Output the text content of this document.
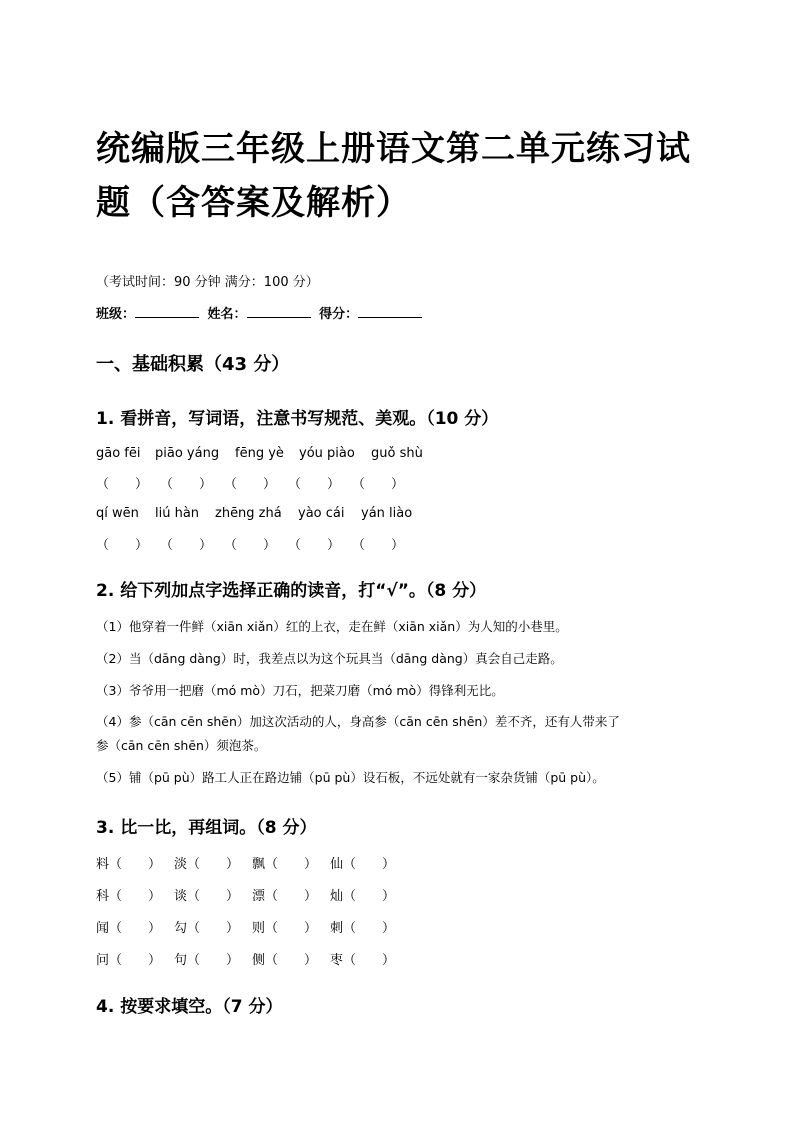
统编版三年级上册语文第二单元练习试
题（含答案及解析）
（考试时间：90 分钟 满分：100 分）
班级：	姓名：	得分：
一、基础积累（43 分）
1. 看拼音，写词语，注意书写规范、美观。（10 分）
gāo fēi	piāo yáng	fēng yè	yóu piào	guǒ shù
（　　） （　　） （　　） （　　） （　　）
qí wēn	liú hàn	zhēng zhá	yào cái	yán liào
（　　） （　　） （　　） （　　） （　　）
2. 给下列加点字选择正确的读音，打“√”。（8 分）
（1）他穿着一件鲜（xiān xiǎn）红的上衣，走在鲜（xiān xiǎn）为人知的小巷里。
（2）当（dāng dàng）时，我差点以为这个玩具当（dāng dàng）真会自己走路。
（3）爷爷用一把磨（mó mò）刀石，把菜刀磨（mó mò）得锋利无比。
（4）参（cān cēn shēn）加这次活动的人，身高参（cān cēn shēn）差不齐，还有人带来了
参（cān cēn shēn）须泡茶。
（5）铺（pū pù）路工人正在路边铺（pū pù）设石板，不远处就有一家杂货铺（pū pù）。
3. 比一比，再组词。（8 分）
料（　　） 淡（　　） 飘（　　） 仙（　　）
科（　　） 谈（　　） 漂（　　） 灿（　　）
闻（　　） 勾（　　） 则（　　） 刺（　　）
问（　　） 句（　　） 侧（　　） 枣（　　）
4. 按要求填空。（7 分）
